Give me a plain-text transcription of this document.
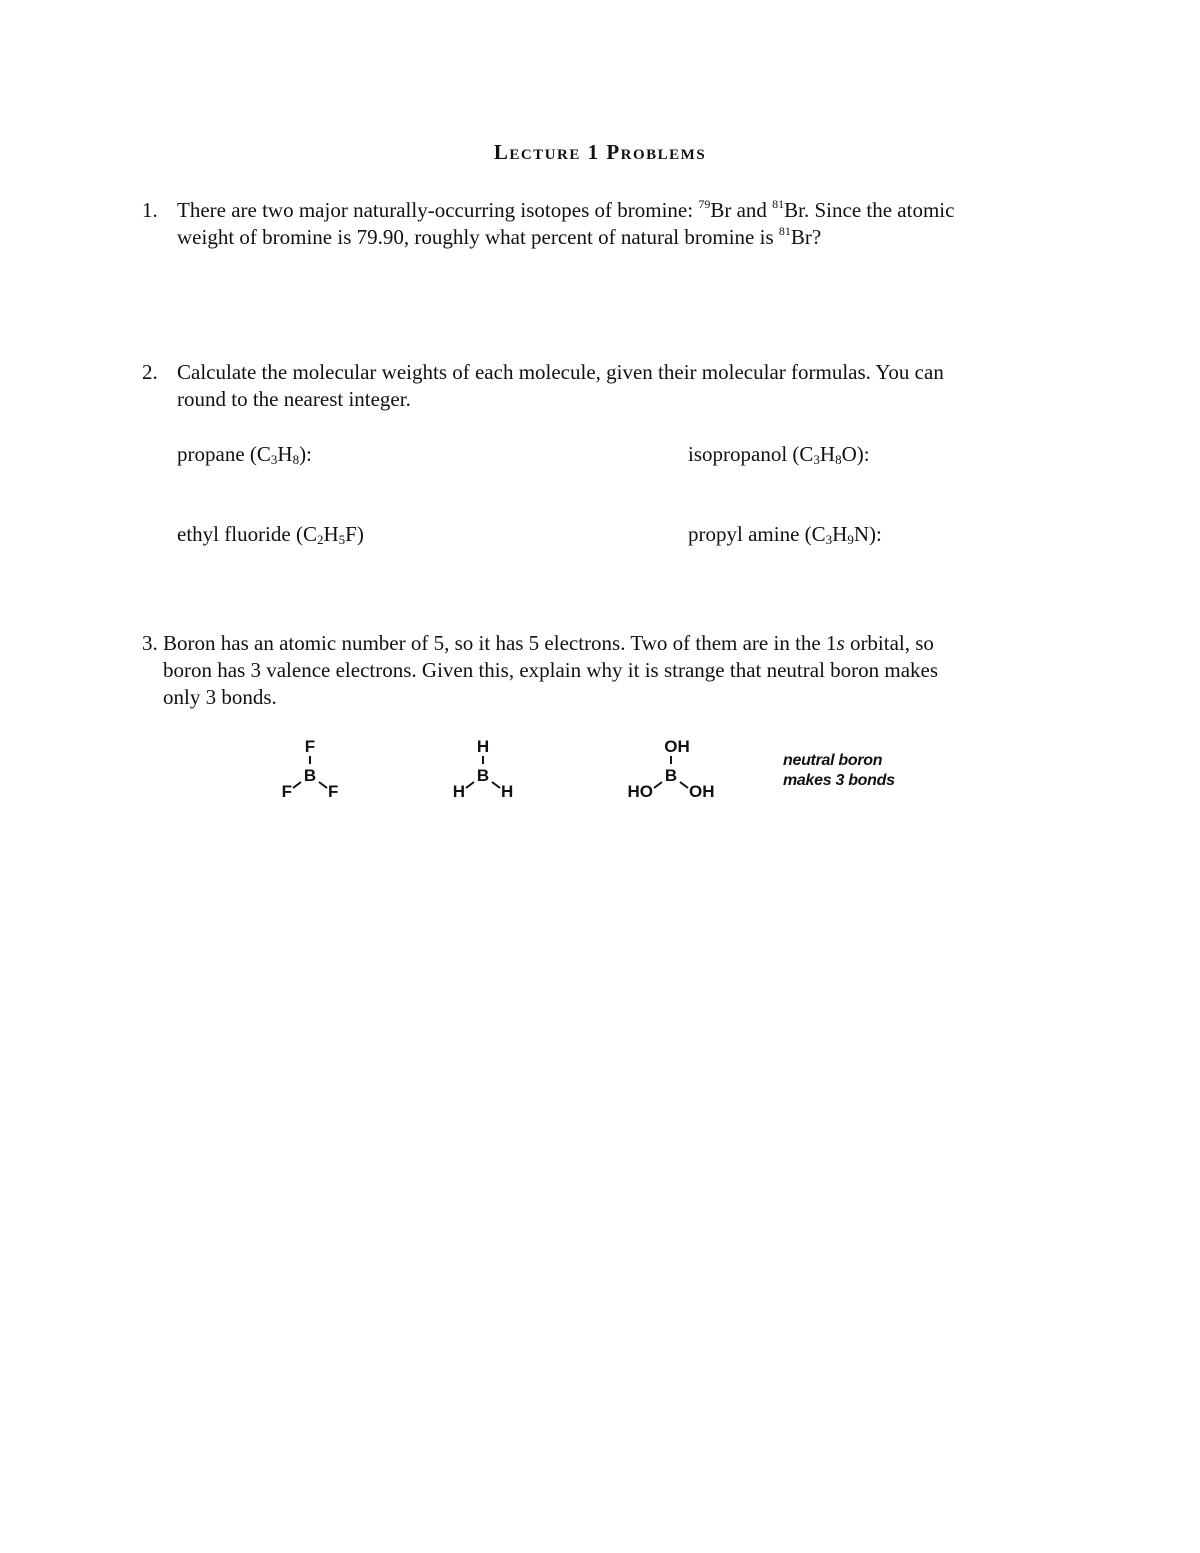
Lecture 1 Problems
1. There are two major naturally-occurring isotopes of bromine: $^{79}$Br and $^{81}$Br. Since the atomic
weight of bromine is 79.90, roughly what percent of natural bromine is $^{81}$Br?
2. Calculate the molecular weights of each molecule, given their molecular formulas. You can
round to the nearest integer.
propane $(C_3H_8)$:	isopropanol $(C_3H_8O)$:
ethyl fluoride $(C_2H_5F)$	propyl amine $(C_3H_9N)$:
3. Boron has an atomic number of 5, so it has 5 electrons. Two of them are in the 1s orbital, so
boron has 3 valence electrons. Given this, explain why it is strange that neutral boron makes
only 3 bonds.
F
B
F F
H
B
H H
OH
B
HO OH
neutral boron
makes 3 bonds
